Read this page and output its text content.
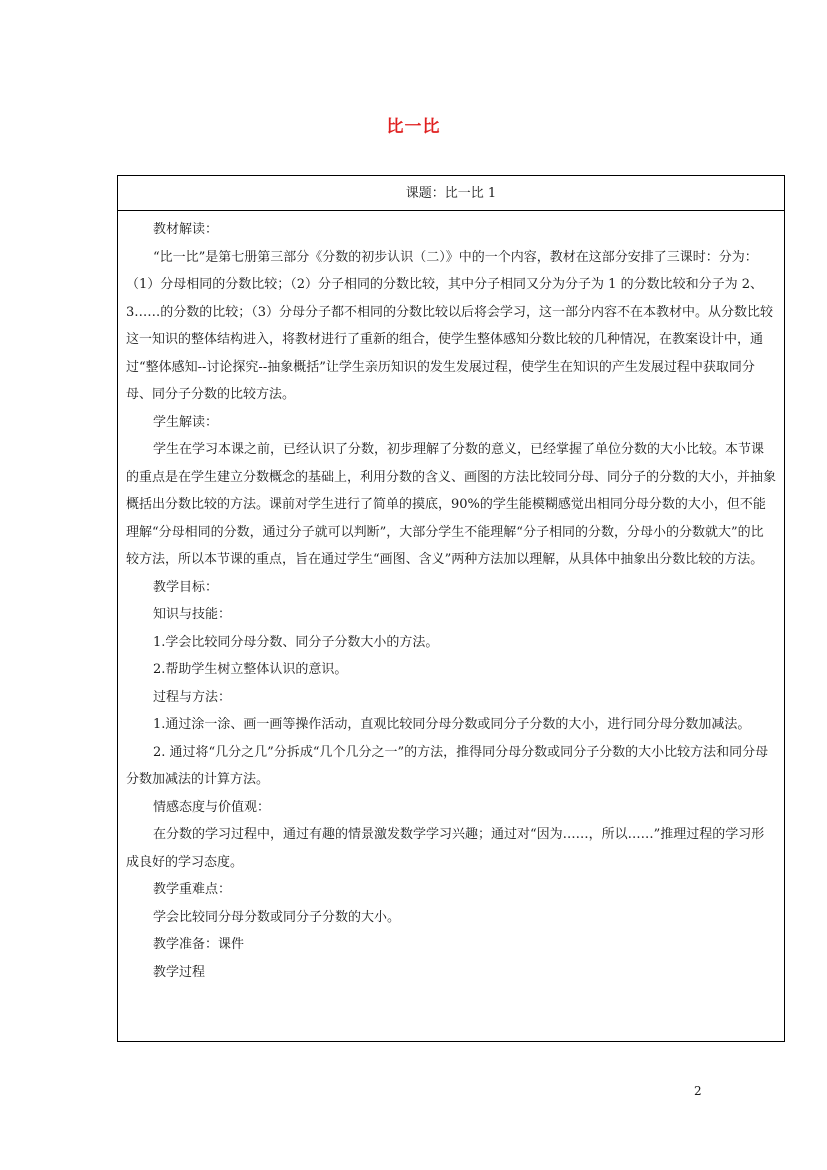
比一比
课题：比一比 1

教材解读：

“比一比”是第七册第三部分《分数的初步认识（二）》中的一个内容，教材在这部分安排了三课时：分为：（1）分母相同的分数比较；（2）分子相同的分数比较，其中分子相同又分为分子为 1 的分数比较和分子为 2、3……的分数的比较；（3）分母分子都不相同的分数比较以后将会学习，这一部分内容不在本教材中。从分数比较这一知识的整体结构进入，将教材进行了重新的组合，使学生整体感知分数比较的几种情况，在教案设计中，通过“整体感知--讨论探究--抽象概括”让学生亲历知识的发生发展过程，使学生在知识的产生发展过程中获取同分母、同分子分数的比较方法。

学生解读：

学生在学习本课之前，已经认识了分数，初步理解了分数的意义，已经掌握了单位分数的大小比较。本节课的重点是在学生建立分数概念的基础上，利用分数的含义、画图的方法比较同分母、同分子的分数的大小，并抽象概括出分数比较的方法。课前对学生进行了简单的摸底，90%的学生能模糊感觉出相同分母分数的大小，但不能理解“分母相同的分数，通过分子就可以判断”，大部分学生不能理解“分子相同的分数，分母小的分数就大”的比较方法，所以本节课的重点，旨在通过学生“画图、含义”两种方法加以理解，从具体中抽象出分数比较的方法。

教学目标：

知识与技能：

1.学会比较同分母分数、同分子分数大小的方法。

2.帮助学生树立整体认识的意识。

过程与方法：

1.通过涂一涂、画一画等操作活动，直观比较同分母分数或同分子分数的大小，进行同分母分数加减法。

2. 通过将“几分之几”分拆成“几个几分之一”的方法，推得同分母分数或同分子分数的大小比较方法和同分母分数加减法的计算方法。

情感态度与价值观：

在分数的学习过程中，通过有趣的情景激发数学学习兴趣；通过对“因为……，所以……”推理过程的学习形成良好的学习态度。

教学重难点：

学会比较同分母分数或同分子分数的大小。

教学准备：课件

教学过程

2
